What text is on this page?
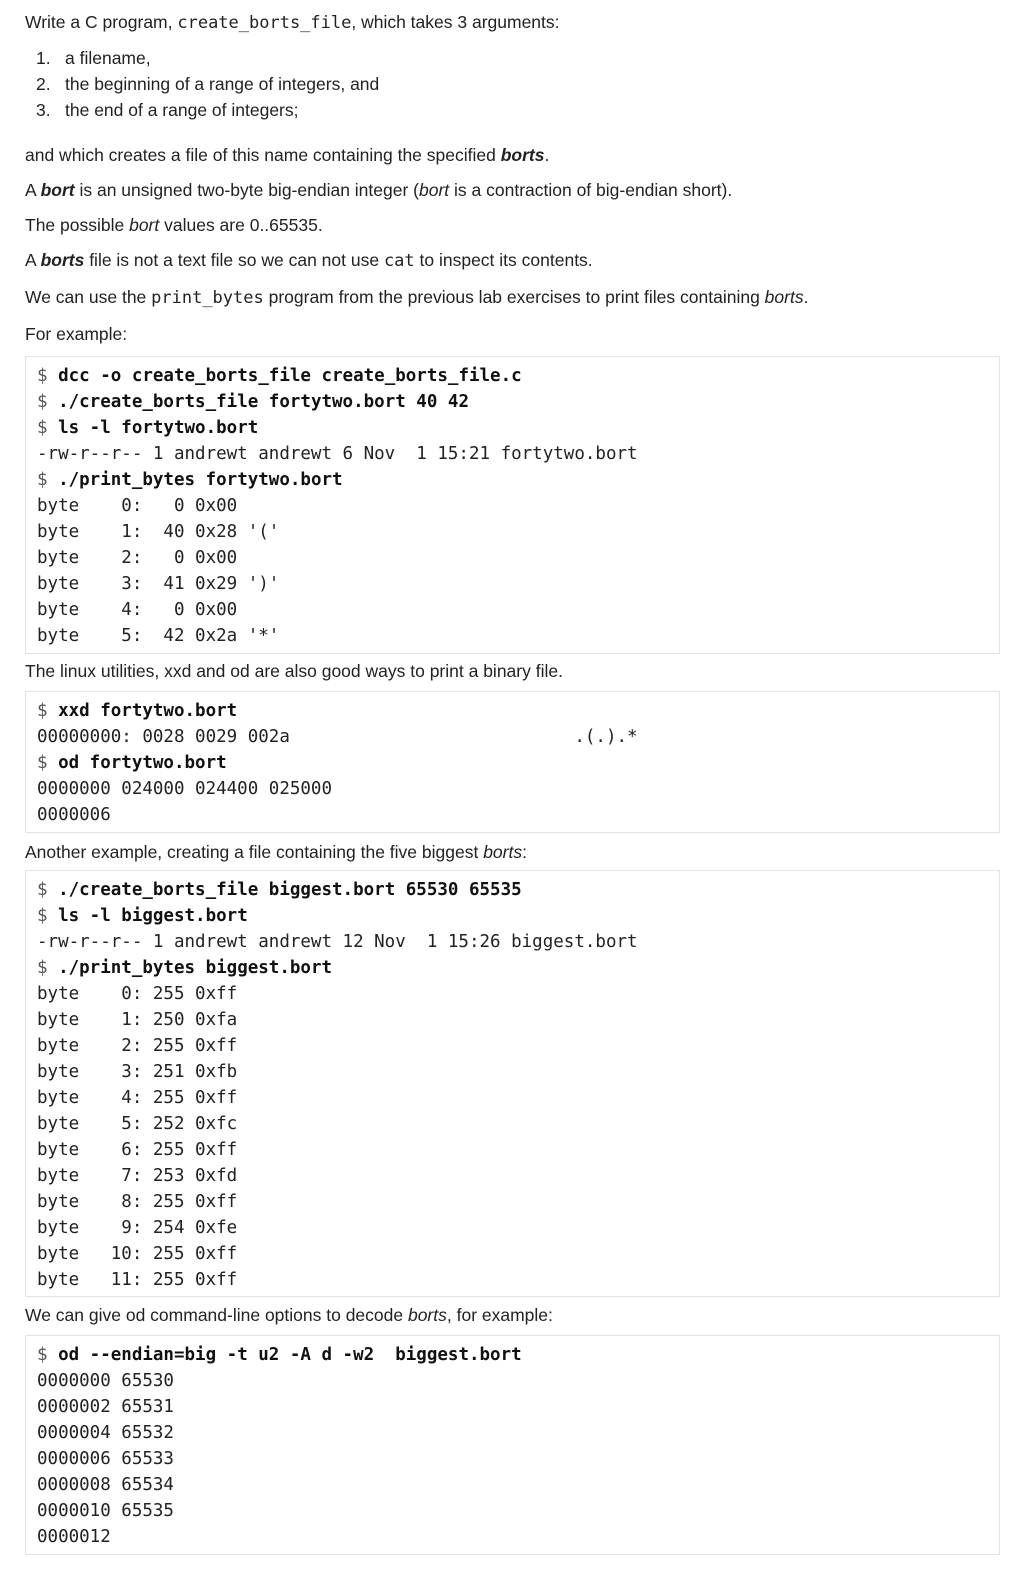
Write a C program, create_borts_file, which takes 3 arguments:
1. a filename,
2. the beginning of a range of integers, and
3. the end of a range of integers;
and which creates a file of this name containing the specified borts.
A bort is an unsigned two-byte big-endian integer (bort is a contraction of big-endian short).
The possible bort values are 0..65535.
A borts file is not a text file so we can not use cat to inspect its contents.
We can use the print_bytes program from the previous lab exercises to print files containing borts.
For example:
$ dcc -o create_borts_file create_borts_file.c
$ ./create_borts_file fortytwo.bort 40 42
$ ls -l fortytwo.bort
-rw-r--r-- 1 andrewt andrewt 6 Nov  1 15:21 fortytwo.bort
$ ./print_bytes fortytwo.bort
byte    0:   0 0x00
byte    1:  40 0x28 '('
byte    2:   0 0x00
byte    3:  41 0x29 ')'
byte    4:   0 0x00
byte    5:  42 0x2a '*'
The linux utilities, xxd and od are also good ways to print a binary file.
$ xxd fortytwo.bort
00000000: 0028 0029 002a                           .(.).*
$ od fortytwo.bort
0000000 024000 024400 025000
0000006
Another example, creating a file containing the five biggest borts:
$ ./create_borts_file biggest.bort 65530 65535
$ ls -l biggest.bort
-rw-r--r-- 1 andrewt andrewt 12 Nov  1 15:26 biggest.bort
$ ./print_bytes biggest.bort
byte    0: 255 0xff
byte    1: 250 0xfa
byte    2: 255 0xff
byte    3: 251 0xfb
byte    4: 255 0xff
byte    5: 252 0xfc
byte    6: 255 0xff
byte    7: 253 0xfd
byte    8: 255 0xff
byte    9: 254 0xfe
byte   10: 255 0xff
byte   11: 255 0xff
We can give od command-line options to decode borts, for example:
$ od --endian=big -t u2 -A d -w2  biggest.bort
0000000 65530
0000002 65531
0000004 65532
0000006 65533
0000008 65534
0000010 65535
0000012
